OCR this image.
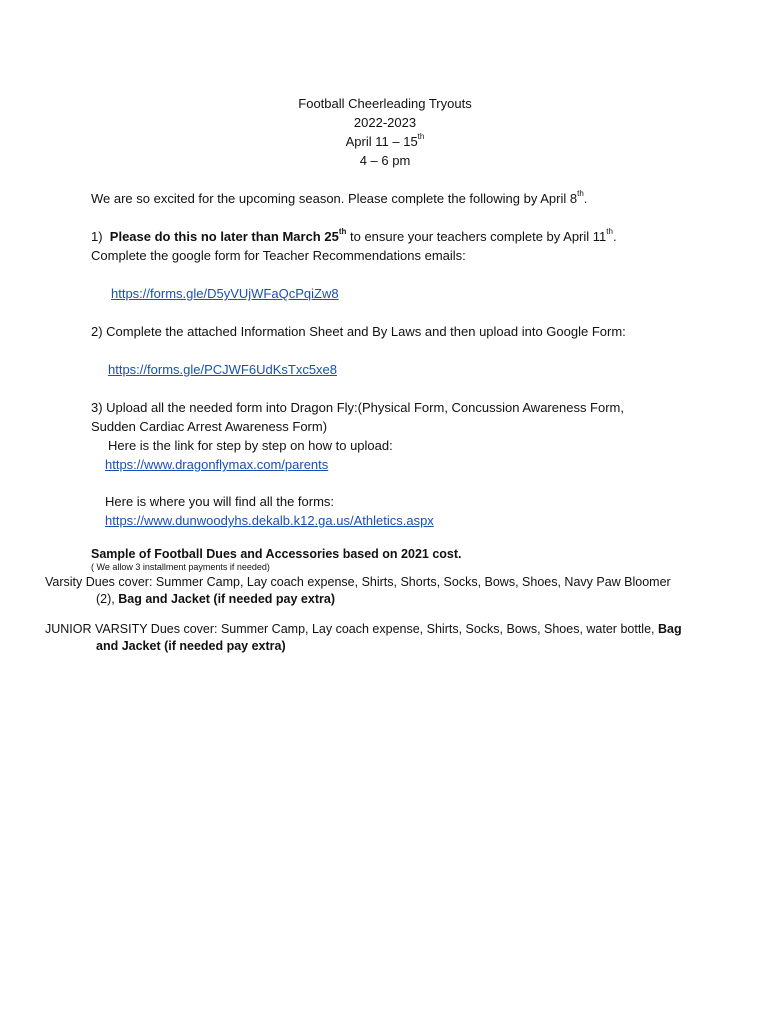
Football Cheerleading Tryouts
2022-2023
April 11 – 15th
4 – 6 pm
We are so excited for the upcoming season. Please complete the following by April 8th.
1) Please do this no later than March 25th to ensure your teachers complete by April 11th.
Complete the google form for Teacher Recommendations emails:
https://forms.gle/D5yVUjWFaQcPqiZw8
2) Complete the attached Information Sheet and By Laws and then upload into Google Form:
https://forms.gle/PCJWF6UdKsTxc5xe8
3) Upload all the needed form into Dragon Fly:(Physical Form, Concussion Awareness Form,
Sudden Cardiac Arrest Awareness Form)
Here is the link for step by step on how to upload:
https://www.dragonflymax.com/parents
Here is where you will find all the forms:
https://www.dunwoodyhs.dekalb.k12.ga.us/Athletics.aspx
Sample of Football Dues and Accessories based on 2021 cost.
( We allow 3 installment payments if needed)
Varsity Dues cover: Summer Camp, Lay coach expense, Shirts, Shorts, Socks, Bows, Shoes, Navy Paw Bloomer
(2), Bag and Jacket (if needed pay extra)
JUNIOR VARSITY Dues cover: Summer Camp, Lay coach expense, Shirts, Socks, Bows, Shoes, water bottle, Bag
and Jacket (if needed pay extra)
